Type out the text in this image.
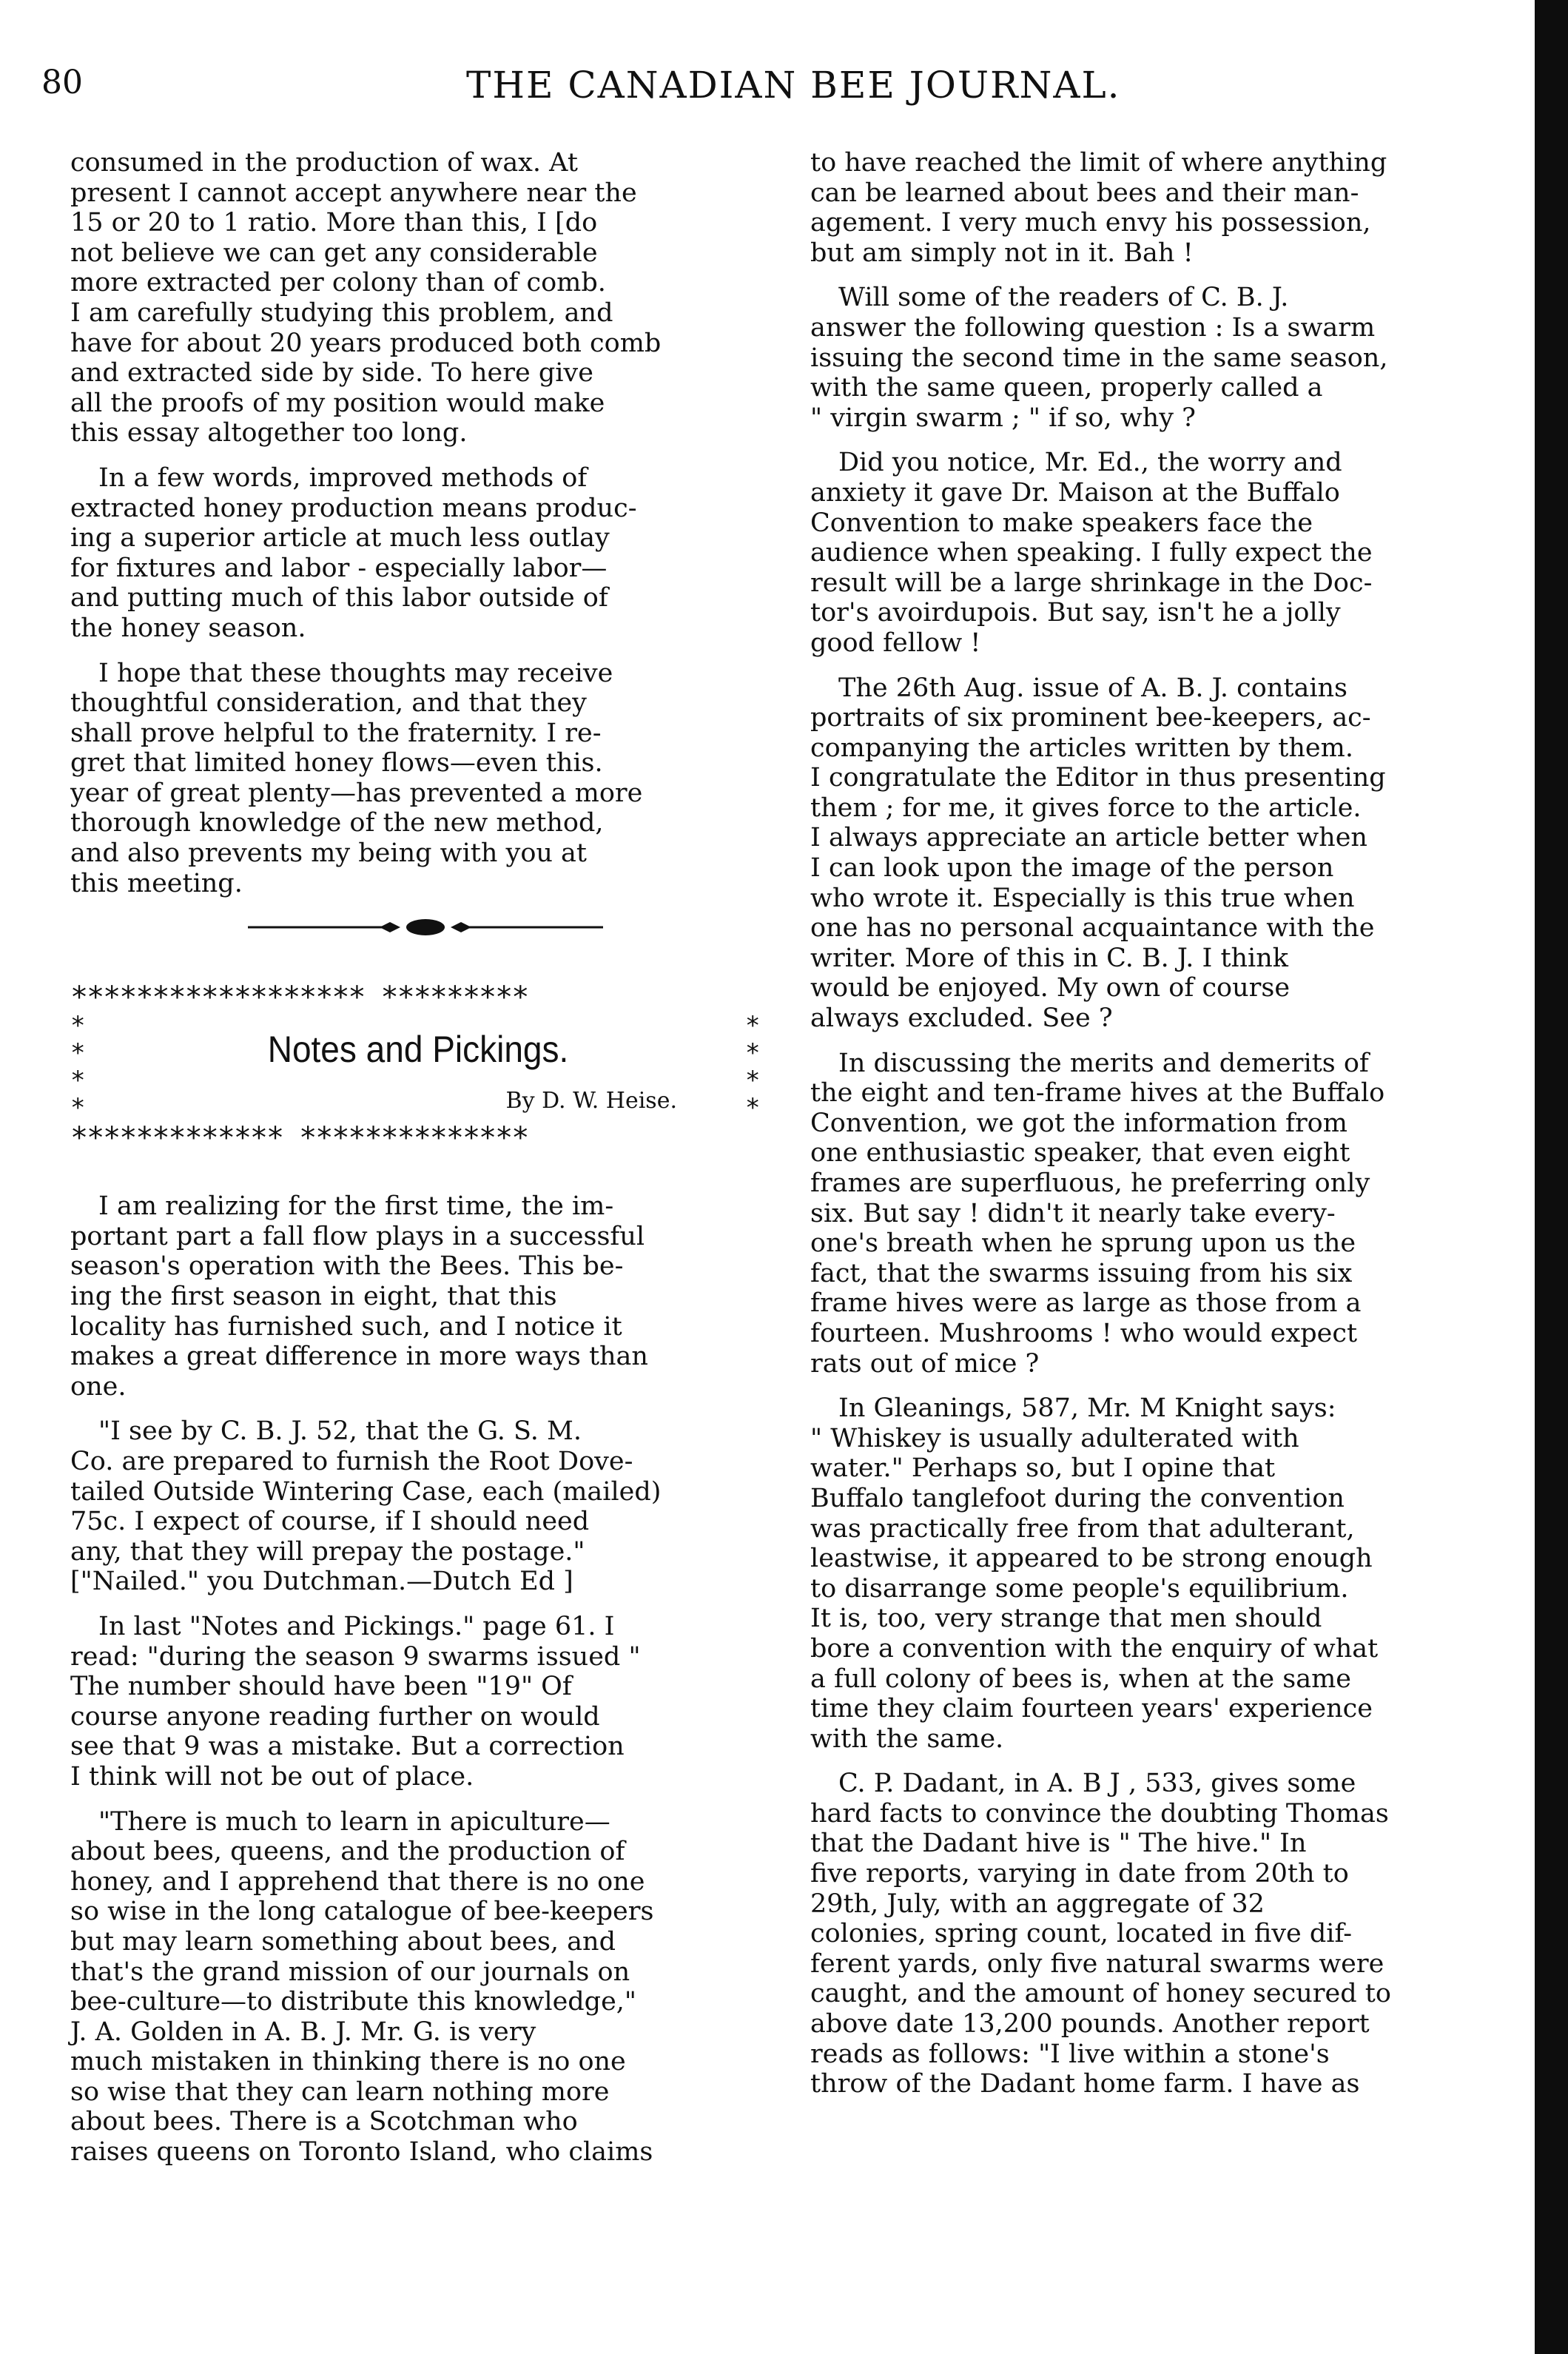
80	THE CANADIAN BEE JOURNAL.

consumed in the production of wax. At
present I cannot accept anywhere near the
15 or 20 to 1 ratio. More than this, I [do
not believe we can get any considerable
more extracted per colony than of comb.
I am carefully studying this problem, and
have for about 20 years produced both comb
and extracted side by side. To here give
all the proofs of my position would make
this essay altogether too long.

In a few words, improved methods of
extracted honey production means produc-
ing a superior article at much less outlay
for fixtures and labor - especially labor—
and putting much of this labor outside of
the honey season.

I hope that these thoughts may receive
thoughtful consideration, and that they
shall prove helpful to the fraternity. I re-
gret that limited honey flows—even this.
year of great plenty—has prevented a more
thorough knowledge of the new method,
and also prevents my being with you at
this meeting.

****************** *********
*
*
*
*
Notes and Pickings.
By D. W. Heise.
*
*
*
*
************* **************

I am realizing for the first time, the im-
portant part a fall flow plays in a successful
season's operation with the Bees. This be-
ing the first season in eight, that this
locality has furnished such, and I notice it
makes a great difference in more ways than
one.

"I see by C. B. J. 52, that the G. S. M.
Co. are prepared to furnish the Root Dove-
tailed Outside Wintering Case, each (mailed)
75c. I expect of course, if I should need
any, that they will prepay the postage."
["Nailed." you Dutchman.—Dutch Ed ]

In last "Notes and Pickings." page 61. I
read: "during the season 9 swarms issued "
The number should have been "19" Of
course anyone reading further on would
see that 9 was a mistake. But a correction
I think will not be out of place.

"There is much to learn in apiculture—
about bees, queens, and the production of
honey, and I apprehend that there is no one
so wise in the long catalogue of bee-keepers
but may learn something about bees, and
that's the grand mission of our journals on
bee-culture—to distribute this knowledge,"
J. A. Golden in A. B. J. Mr. G. is very
much mistaken in thinking there is no one
so wise that they can learn nothing more
about bees. There is a Scotchman who
raises queens on Toronto Island, who claims

to have reached the limit of where anything
can be learned about bees and their man-
agement. I very much envy his possession,
but am simply not in it. Bah !

Will some of the readers of C. B. J.
answer the following question : Is a swarm
issuing the second time in the same season,
with the same queen, properly called a
" virgin swarm ; " if so, why ?

Did you notice, Mr. Ed., the worry and
anxiety it gave Dr. Maison at the Buffalo
Convention to make speakers face the
audience when speaking. I fully expect the
result will be a large shrinkage in the Doc-
tor's avoirdupois. But say, isn't he a jolly
good fellow !

The 26th Aug. issue of A. B. J. contains
portraits of six prominent bee-keepers, ac-
companying the articles written by them.
I congratulate the Editor in thus presenting
them ; for me, it gives force to the article.
I always appreciate an article better when
I can look upon the image of the person
who wrote it. Especially is this true when
one has no personal acquaintance with the
writer. More of this in C. B. J. I think
would be enjoyed. My own of course
always excluded. See ?

In discussing the merits and demerits of
the eight and ten-frame hives at the Buffalo
Convention, we got the information from
one enthusiastic speaker, that even eight
frames are superfluous, he preferring only
six. But say ! didn't it nearly take every-
one's breath when he sprung upon us the
fact, that the swarms issuing from his six
frame hives were as large as those from a
fourteen. Mushrooms ! who would expect
rats out of mice ?

In Gleanings, 587, Mr. M Knight says:
" Whiskey is usually adulterated with
water." Perhaps so, but I opine that
Buffalo tanglefoot during the convention
was practically free from that adulterant,
leastwise, it appeared to be strong enough
to disarrange some people's equilibrium.
It is, too, very strange that men should
bore a convention with the enquiry of what
a full colony of bees is, when at the same
time they claim fourteen years' experience
with the same.

C. P. Dadant, in A. B J , 533, gives some
hard facts to convince the doubting Thomas
that the Dadant hive is " The hive." In
five reports, varying in date from 20th to
29th, July, with an aggregate of 32
colonies, spring count, located in five dif-
ferent yards, only five natural swarms were
caught, and the amount of honey secured to
above date 13,200 pounds. Another report
reads as follows: "I live within a stone's
throw of the Dadant home farm. I have as
